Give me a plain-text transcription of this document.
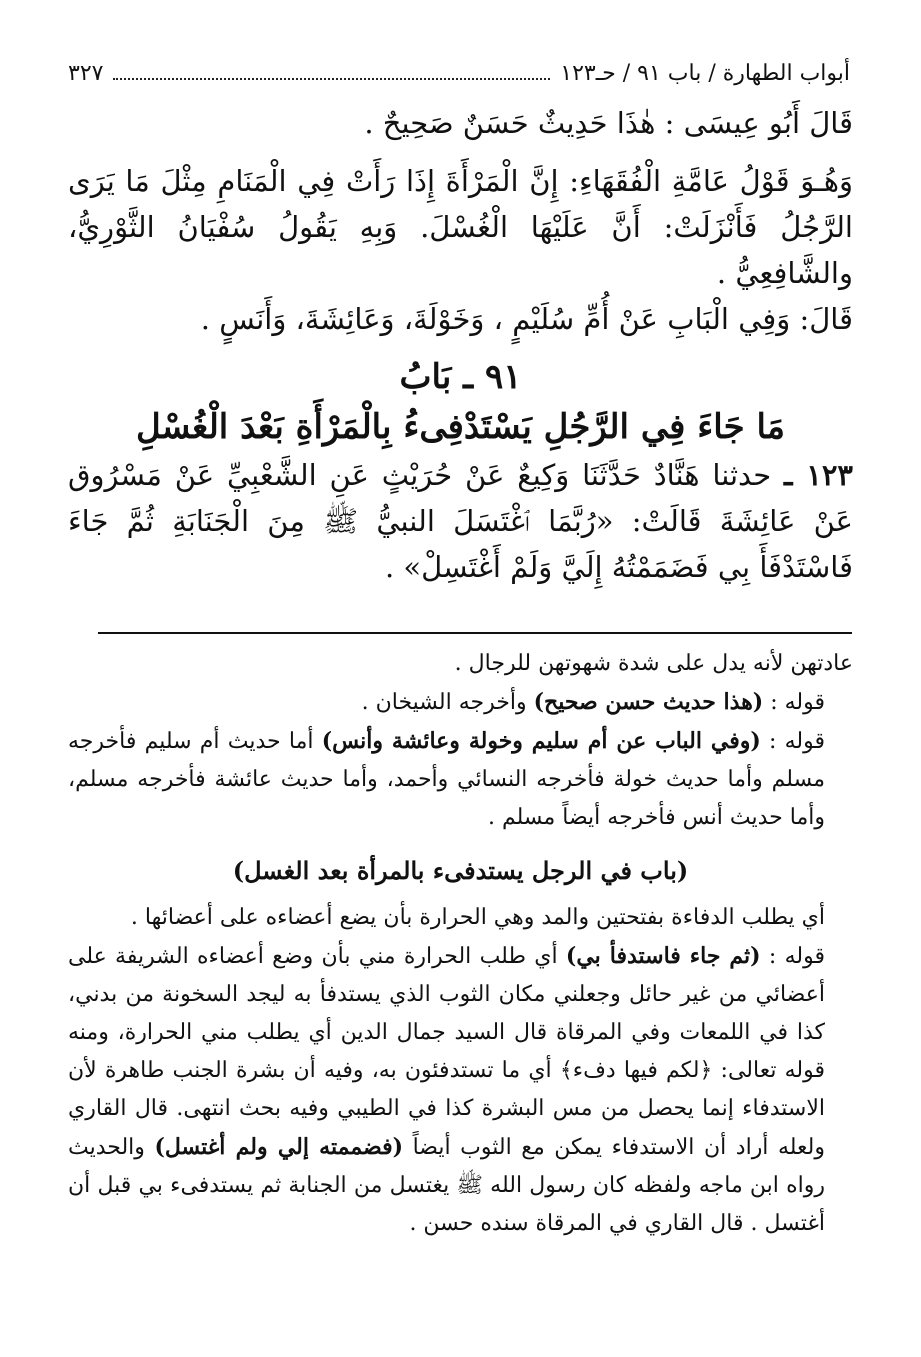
أبواب الطهارة / باب ٩١ / حـ١٢٣
٣٢٧

قَالَ أَبُو عِيسَى : هٰذَا حَدِيثٌ حَسَنٌ صَحِيحٌ .

وَهُـوَ قَوْلُ عَامَّةِ الْفُقَهَاءِ: إِنَّ الْمَرْأَةَ إِذَا رَأَتْ فِي الْمَنَامِ مِثْلَ مَا يَرَى الرَّجُلُ فَأَنْزَلَتْ: أَنَّ عَلَيْهَا الْغُسْلَ. وَبِهِ يَقُولُ سُفْيَانُ الثَّوْرِيُّ، والشَّافِعِيُّ .

قَالَ: وَفِي الْبَابِ عَنْ أُمِّ سُلَيْمٍ ، وَخَوْلَةَ، وَعَائِشَةَ، وَأَنَسٍ .

٩١ ـ بَابُ
مَا جَاءَ فِي الرَّجُلِ يَسْتَدْفِىءُ بِالْمَرْأَةِ بَعْدَ الْغُسْلِ

١٢٣ ـ حدثنا هَنَّادٌ حَدَّثَنَا وَكِيعٌ عَنْ حُرَيْثٍ عَنِ الشَّعْبِيِّ عَنْ مَسْرُوق عَنْ عَائِشَةَ قَالَتْ: «رُبَّمَا ٱغْتَسَلَ النبيُّ ﷺ مِنَ الْجَنَابَةِ ثُمَّ جَاءَ فَاسْتَدْفَأَ بِي فَضَمَمْتُهُ إِلَيَّ وَلَمْ أَغْتَسِلْ» .

عادتهن لأنه يدل على شدة شهوتهن للرجال .

قوله : (هذا حديث حسن صحيح) وأخرجه الشيخان .

قوله : (وفي الباب عن أم سليم وخولة وعائشة وأنس) أما حديث أم سليم فأخرجه مسلم وأما حديث خولة فأخرجه النسائي وأحمد، وأما حديث عائشة فأخرجه مسلم، وأما حديث أنس فأخرجه أيضاً مسلم .

(باب في الرجل يستدفىء بالمرأة بعد الغسل)

أي يطلب الدفاءة بفتحتين والمد وهي الحرارة بأن يضع أعضاءه على أعضائها .

قوله : (ثم جاء فاستدفأ بي) أي طلب الحرارة مني بأن وضع أعضاءه الشريفة على أعضائي من غير حائل وجعلني مكان الثوب الذي يستدفأ به ليجد السخونة من بدني، كذا في اللمعات وفي المرقاة قال السيد جمال الدين أي يطلب مني الحرارة، ومنه قوله تعالى: ﴿لكم فيها دفء﴾ أي ما تستدفئون به، وفيه أن بشرة الجنب طاهرة لأن الاستدفاء إنما يحصل من مس البشرة كذا في الطيبي وفيه بحث انتهى. قال القاري ولعله أراد أن الاستدفاء يمكن مع الثوب أيضاً (فضممته إلي ولم أغتسل) والحديث رواه ابن ماجه ولفظه كان رسول الله ﷺ يغتسل من الجنابة ثم يستدفىء بي قبل أن أغتسل . قال القاري في المرقاة سنده حسن .
